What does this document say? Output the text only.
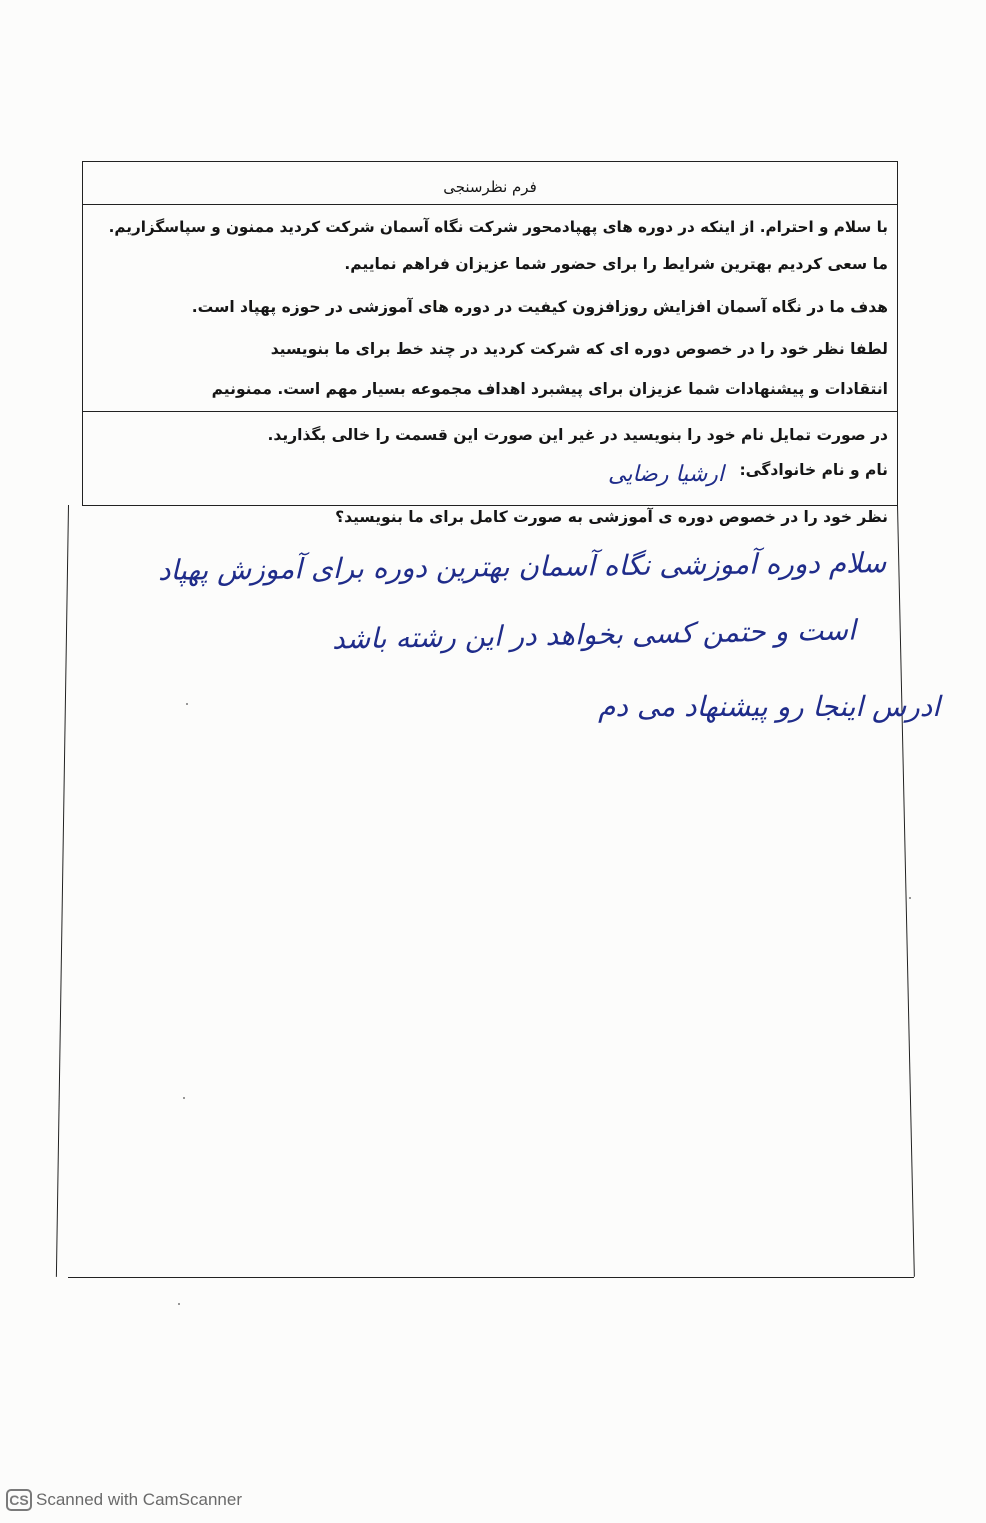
فرم نظرسنجی
با سلام و احترام. از اینکه در دوره های پهپادمحور شرکت نگاه آسمان شرکت کردید ممنون و سپاسگزاریم.
ما سعی کردیم بهترین شرایط را برای حضور شما عزیزان فراهم نماییم.
هدف ما در نگاه آسمان افزایش روزافزون کیفیت در دوره های آموزشی در حوزه پهپاد است.
لطفا نظر خود را در خصوص دوره ای که شرکت کردید در چند خط برای ما بنویسید
انتقادات و پیشنهادات شما عزیزان برای پیشبرد اهداف مجموعه بسیار مهم است. ممنونیم
در صورت تمایل نام خود را بنویسید در غیر این صورت این قسمت را خالی بگذارید.
نام و نام خانوادگی:
ارشیا رضایی
نظر خود را در خصوص دوره ی آموزشی به صورت کامل برای ما بنویسید؟
سلام دوره آموزشی نگاه آسمان بهترین دوره برای آموزش پهپاد
است و حتمن کسی بخواهد در این رشته باشد
ادرس اینجا رو پیشنهاد می دم
CS Scanned with CamScanner
